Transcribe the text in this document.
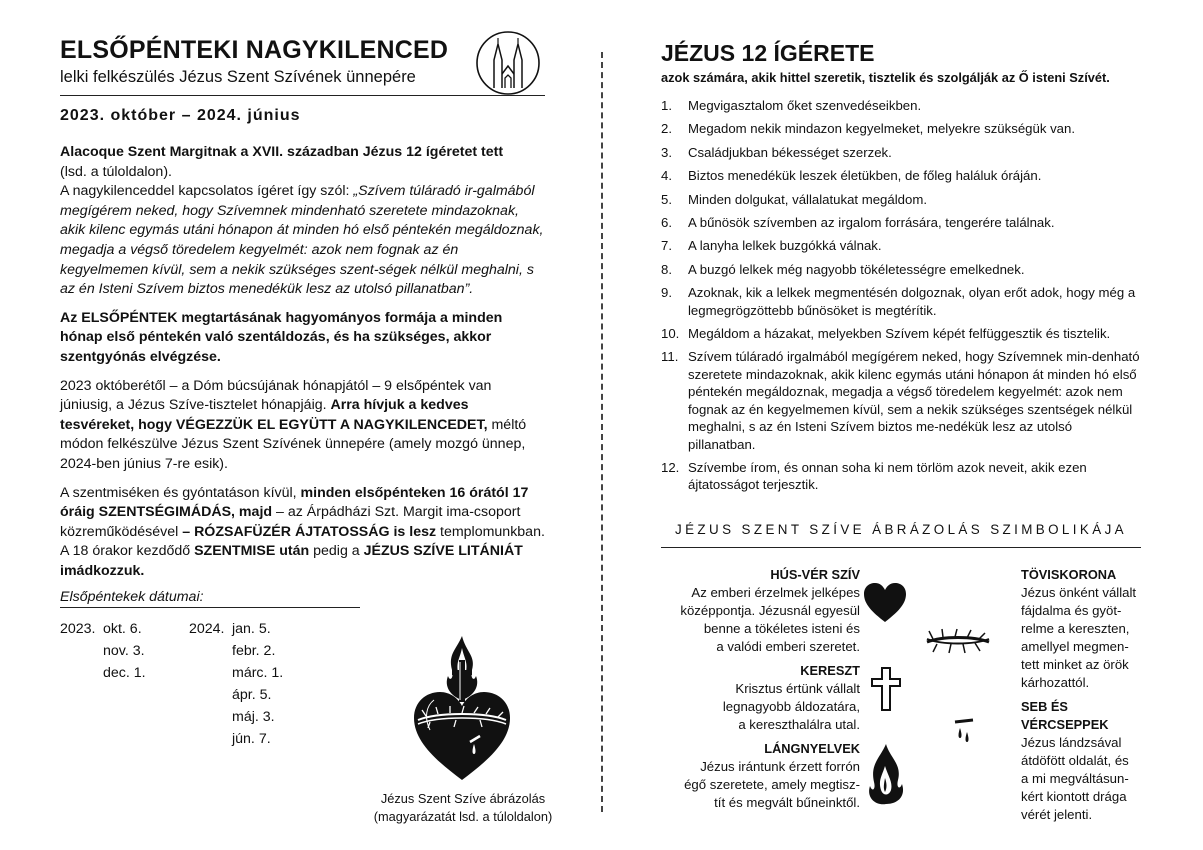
ELSŐPÉNTEKI NAGYKILENCED
lelki felkészülés Jézus Szent Szívének ünnepére
2023. október – 2024. június

Alacoque Szent Margitnak a XVII. században Jézus 12 ígéretet tett
(lsd. a túloldalon).
A nagykilenceddel kapcsolatos ígéret így szól: „Szívem túláradó ir-galmából megígérem neked, hogy Szívemnek mindenható szeretete mindazoknak, akik kilenc egymás utáni hónapon át minden hó első péntekén megáldoznak, megadja a végső töredelem kegyelmét: azok nem fognak az én kegyelmemen kívül, sem a nekik szükséges szent-ségek nélkül meghalni, s az én Isteni Szívem biztos menedékük lesz az utolsó pillanatban”.

Az ELSŐPÉNTEK megtartásának hagyományos formája a minden hónap első péntekén való szentáldozás, és ha szükséges, akkor szentgyónás elvégzése.

2023 októberétől – a Dóm búcsújának hónapjától – 9 elsőpéntek van júniusig, a Jézus Szíve-tisztelet hónapjáig. Arra hívjuk a kedves tesvéreket, hogy VÉGEZZÜK EL EGYÜTT A NAGYKILENCEDET, méltó módon felkészülve Jézus Szent Szívének ünnepére (amely mozgó ünnep, 2024-ben június 7-re esik).

A szentmiséken és gyóntatáson kívül, minden elsőpénteken 16 órától 17 óráig SZENTSÉGIMÁDÁS, majd – az Árpádházi Szt. Margit ima-csoport közreműködésével – RÓZSAFÜZÉR ÁJTATOSSÁG is lesz templomunkban. A 18 órakor kezdődő SZENTMISE után pedig a JÉZUS SZÍVE LITÁNIÁT imádkozzuk.

Elsőpéntekek dátumai:
2023. okt. 6.
nov. 3.
dec. 1.
2024. jan. 5.
febr. 2.
márc. 1.
ápr. 5.
máj. 3.
jún. 7.
Jézus Szent Szíve ábrázolás
(magyarázatát lsd. a túloldalon)
JÉZUS 12 ÍGÉRETE
azok számára, akik hittel szeretik, tisztelik és szolgálják az Ő isteni Szívét.
1. Megvigasztalom őket szenvedéseikben.
2. Megadom nekik mindazon kegyelmeket, melyekre szükségük van.
3. Családjukban békességet szerzek.
4. Biztos menedékük leszek életükben, de főleg haláluk óráján.
5. Minden dolgukat, vállalatukat megáldom.
6. A bűnösök szívemben az irgalom forrására, tengerére találnak.
7. A lanyha lelkek buzgókká válnak.
8. A buzgó lelkek még nagyobb tökéletességre emelkednek.
9. Azoknak, kik a lelkek megmentésén dolgoznak, olyan erőt adok, hogy még a legmegrögzöttebb bűnösöket is megtérítik.
10. Megáldom a házakat, melyekben Szívem képét felfüggesztik és tisztelik.
11. Szívem túláradó irgalmából megígérem neked, hogy Szívemnek min-denható szeretete mindazoknak, akik kilenc egymás utáni hónapon át minden hó első péntekén megáldoznak, megadja a végső töredelem kegyelmét: azok nem fognak az én kegyelmemen kívül, sem a nekik szükséges szentségek nélkül meghalni, s az én Isteni Szívem biztos me-nedékük lesz az utolsó pillanatban.
12. Szívembe írom, és onnan soha ki nem törlöm azok neveit, akik ezen ájtatosságot terjesztik.
JÉZUS SZENT SZÍVE ÁBRÁZOLÁS SZIMBOLIKÁJA
HÚS-VÉR SZÍV
Az emberi érzelmek jelképes
középpontja. Jézusnál egyesül
benne a tökéletes isteni és
a valódi emberi szeretet.
KERESZT
Krisztus értünk vállalt
legnagyobb áldozatára,
a kereszthalálra utal.
LÁNGNYELVEK
Jézus irántunk érzett forrón
égő szeretete, amely megtisz-
tít és megvált bűneinktől.
TÖVISKORONA
Jézus önként vállalt
fájdalma és gyöt-
relme a kereszten,
amellyel megmen-
tett minket az örök
kárhozattól.
SEB ÉS VÉRCSEPPEK
Jézus lándzsával
átdöfött oldalát, és
a mi megváltásun-
kért kiontott drága
vérét jelenti.
